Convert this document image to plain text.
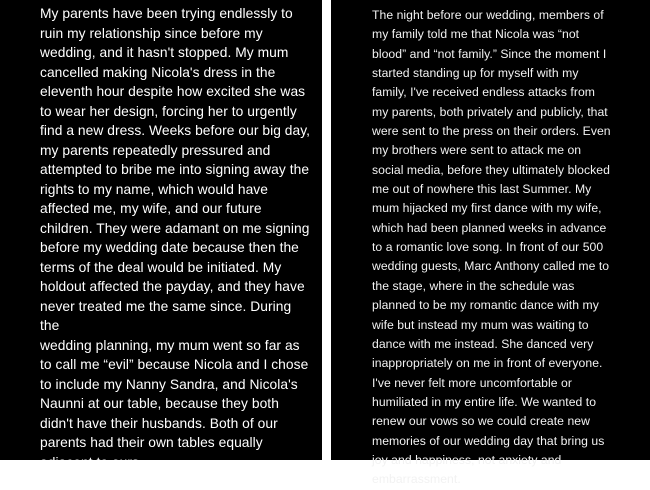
My parents have been trying endlessly to
ruin my relationship since before my
wedding, and it hasn't stopped. My mum
cancelled making Nicola's dress in the
eleventh hour despite how excited she was
to wear her design, forcing her to urgently
find a new dress. Weeks before our big day,
my parents repeatedly pressured and
attempted to bribe me into signing away the
rights to my name, which would have
affected me, my wife, and our future
children. They were adamant on me signing
before my wedding date because then the
terms of the deal would be initiated. My
holdout affected the payday, and they have
never treated me the same since. During the
wedding planning, my mum went so far as
to call me “evil” because Nicola and I chose
to include my Nanny Sandra, and Nicola's
Naunni at our table, because they both
didn't have their husbands. Both of our
parents had their own tables equally
adjacent to ours.

The night before our wedding, members of
my family told me that Nicola was “not
blood” and “not family.” Since the moment I
started standing up for myself with my
family, I've received endless attacks from
my parents, both privately and publicly, that
were sent to the press on their orders. Even
my brothers were sent to attack me on
social media, before they ultimately blocked
me out of nowhere this last Summer. My
mum hijacked my first dance with my wife,
which had been planned weeks in advance
to a romantic love song. In front of our 500
wedding guests, Marc Anthony called me to
the stage, where in the schedule was
planned to be my romantic dance with my
wife but instead my mum was waiting to
dance with me instead. She danced very
inappropriately on me in front of everyone.
I've never felt more uncomfortable or
humiliated in my entire life. We wanted to
renew our vows so we could create new
memories of our wedding day that bring us
joy and happiness, not anxiety and
embarrassment.
